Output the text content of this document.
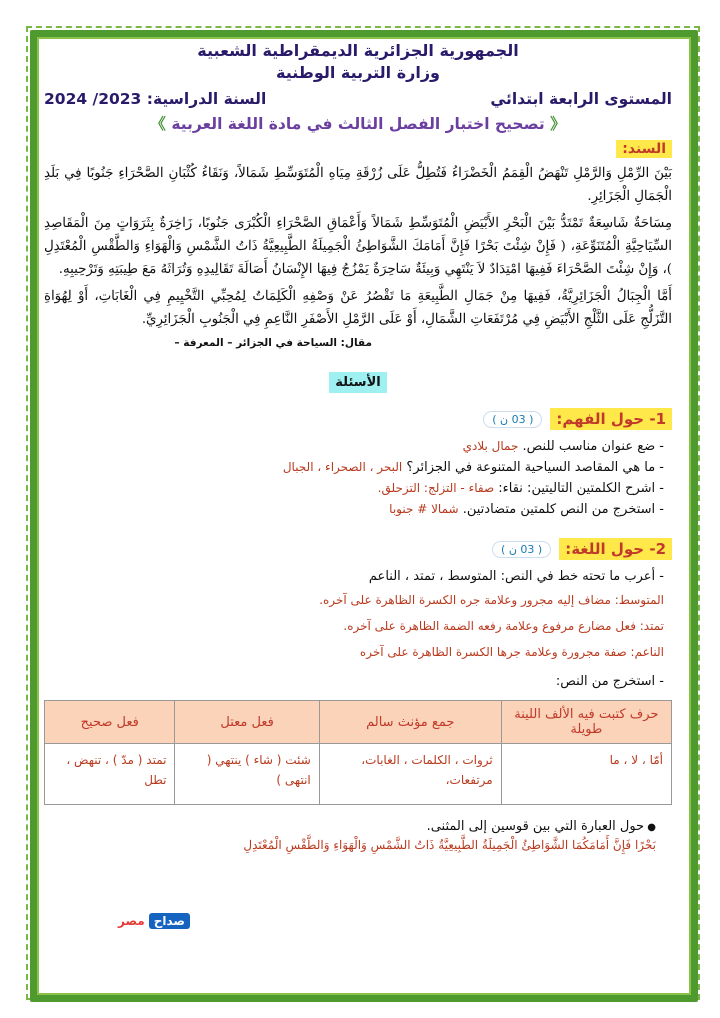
الجمهورية الجزائرية الديمقراطية الشعبية
وزارة التربية الوطنية
المستوى الرابعة ابتدائي
السنة الدراسية: 2023/ 2024
《 تصحيح اختبار الفصل الثالث في مادة اللغة العربية 》
السند:
بَيْنَ الرِّمْلِ وَالرَّمْلِ تَنْهَضُ الْقِمَمُ الْخَضْرَاءُ فَتُطِلُّ عَلَى زُرْقَةِ مِيَاهِ الْمُتَوَسِّطِ شَمَالاً، وَنَقَاءُ كُثْبَانِ الصَّحْرَاءِ جَنُوبًا فِي بَلَدِ الْجَمَالِ الْجَزَائِرِ.
مِسَاحَةٌ شَاسِعَةٌ تَمْتَدُّ بَيْنَ الْبَحْرِ الأَبْيَضِ الْمُتَوَسِّطِ شَمَالاً وَأَعْمَاقِ الصَّحْرَاءِ الْكُبْرَى جَنُوبًا، زَاخِرَةٌ بِثَرَوَاتٍ مِنَ الْمَقَاصِدِ السِّيَاحِيَّةِ الْمُتَنَوِّعَةِ، ( فَإِنْ شِئْتَ بَحْرًا فَإِنَّ أَمَامَكَ الشَّوَاطِئُ الْجَمِيلَةُ الطَّبِيعِيَّةُ ذَاتُ الشَّمْسِ وَالْهَوَاءِ وَالطَّقْسِ الْمُعْتَدِلِ )، وَإِنْ شِئْتَ الصَّحْرَاءَ فَفِيهَا امْتِدَادٌ لاَ يَنْتَهِي وَبِيئَةٌ سَاحِرَةٌ يَمْزُجُ فِيهَا الإِنْسَانُ أَصَالَةَ تَقَالِيدِهِ وَتُرَاثَهُ مَعَ طِيبَتِهِ وَتَرْحِيبِهِ.
أَمَّا الْجِبَالُ الْجَزَائِرِيَّةُ، فَفِيهَا مِنْ جَمَالِ الطَّبِيعَةِ مَا تَقْصُرُ عَنْ وَصْفِهِ الْكَلِمَاتُ لِمُحِبِّي التَّخْيِيمِ فِي الْغَابَاتِ، أَوْ لِهُوَاةِ التَّزَلُّجِ عَلَى الثَّلْجِ الأَبْيَضِ فِي مُرْتَفَعَاتِ الشَّمَالِ، أَوْ عَلَى الرَّمْلِ الأَصْفَرِ النَّاعِمِ فِي الْجَنُوبِ الْجَزَائِرِيِّ.
مقال: السياحة في الجزائر – المعرفة –
الأسئلة
1- حول الفهم:
( 03 ن )
- ضع عنوان مناسب للنص. جمال بلادي
- ما هي المقاصد السياحية المتنوعة في الجزائر؟ البحر ، الصحراء ، الجبال
- اشرح الكلمتين التاليتين: نقاء: صفاء - التزلج: التزحلق.
- استخرج من النص كلمتين متضادتين. شمالا # جنوبا
2- حول اللغة:
( 03 ن )
- أعرب ما تحته خط في النص: المتوسط ، تمتد ، الناعم
المتوسط: مضاف إليه مجرور وعلامة جره الكسرة الظاهرة على آخره.
تمتد: فعل مضارع مرفوع وعلامة رفعه الضمة الظاهرة على آخره.
الناعم: صفة مجرورة وعلامة جرها الكسرة الظاهرة على آخره
- استخرج من النص:
حرف كتبت فيه الألف اللينة طويلة	جمع مؤنث سالم	فعل معتل	فعل صحيح
أمّا ، لا ، ما	ثروات ، الكلمات ، الغابات، مرتفعات،	شئت ( شاء ) ينتهي ( انتهى )	تمتد ( مدّ ) ، تنهض ، تطل
● حول العبارة التي بين قوسين إلى المثنى.
بَحْرًا فَإِنَّ أَمَامَكُمَا الشَّوَاطِئُ الْجَمِيلَةُ الطَّبِيعِيَّةُ ذَاتُ الشَّمْسِ وَالْهَوَاءِ وَالطَّقْسِ الْمُعْتَدِلِ
مصر صداح
